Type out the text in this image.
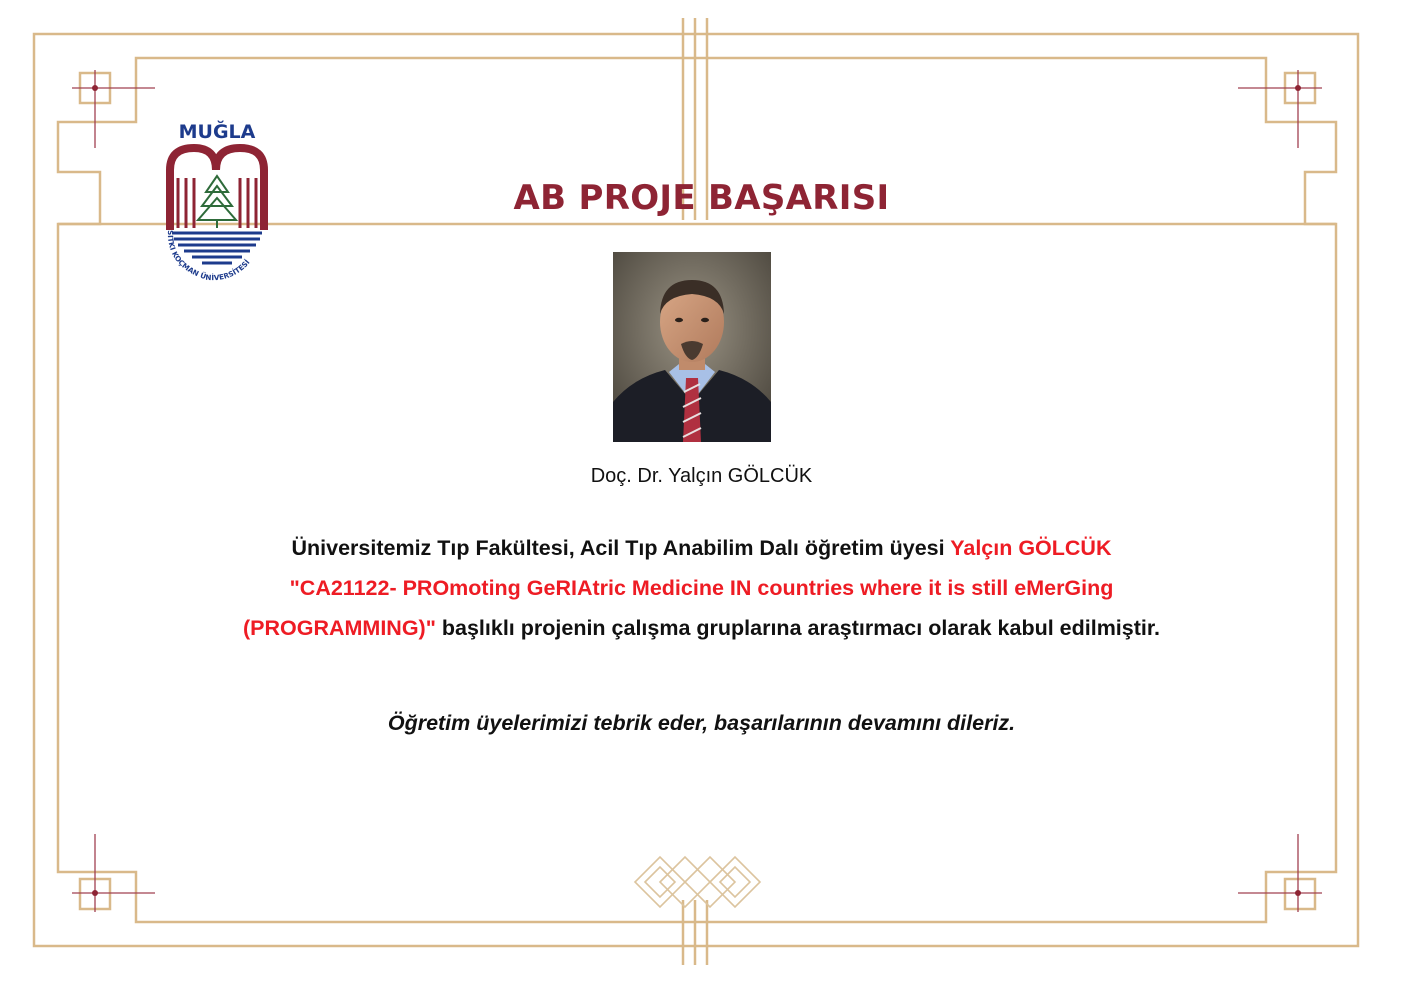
MUĞLA
SITKI KOÇMAN ÜNİVERSİTESİ
AB PROJE BAŞARISI
Doç. Dr. Yalçın GÖLCÜK
Üniversitemiz Tıp Fakültesi, Acil Tıp Anabilim Dalı öğretim üyesi Yalçın GÖLCÜK
"CA21122- PROmoting GeRIAtric Medicine IN countries where it is still eMerGing
(PROGRAMMING)" başlıklı projenin çalışma gruplarına araştırmacı olarak kabul edilmiştir.
Öğretim üyelerimizi tebrik eder, başarılarının devamını dileriz.
